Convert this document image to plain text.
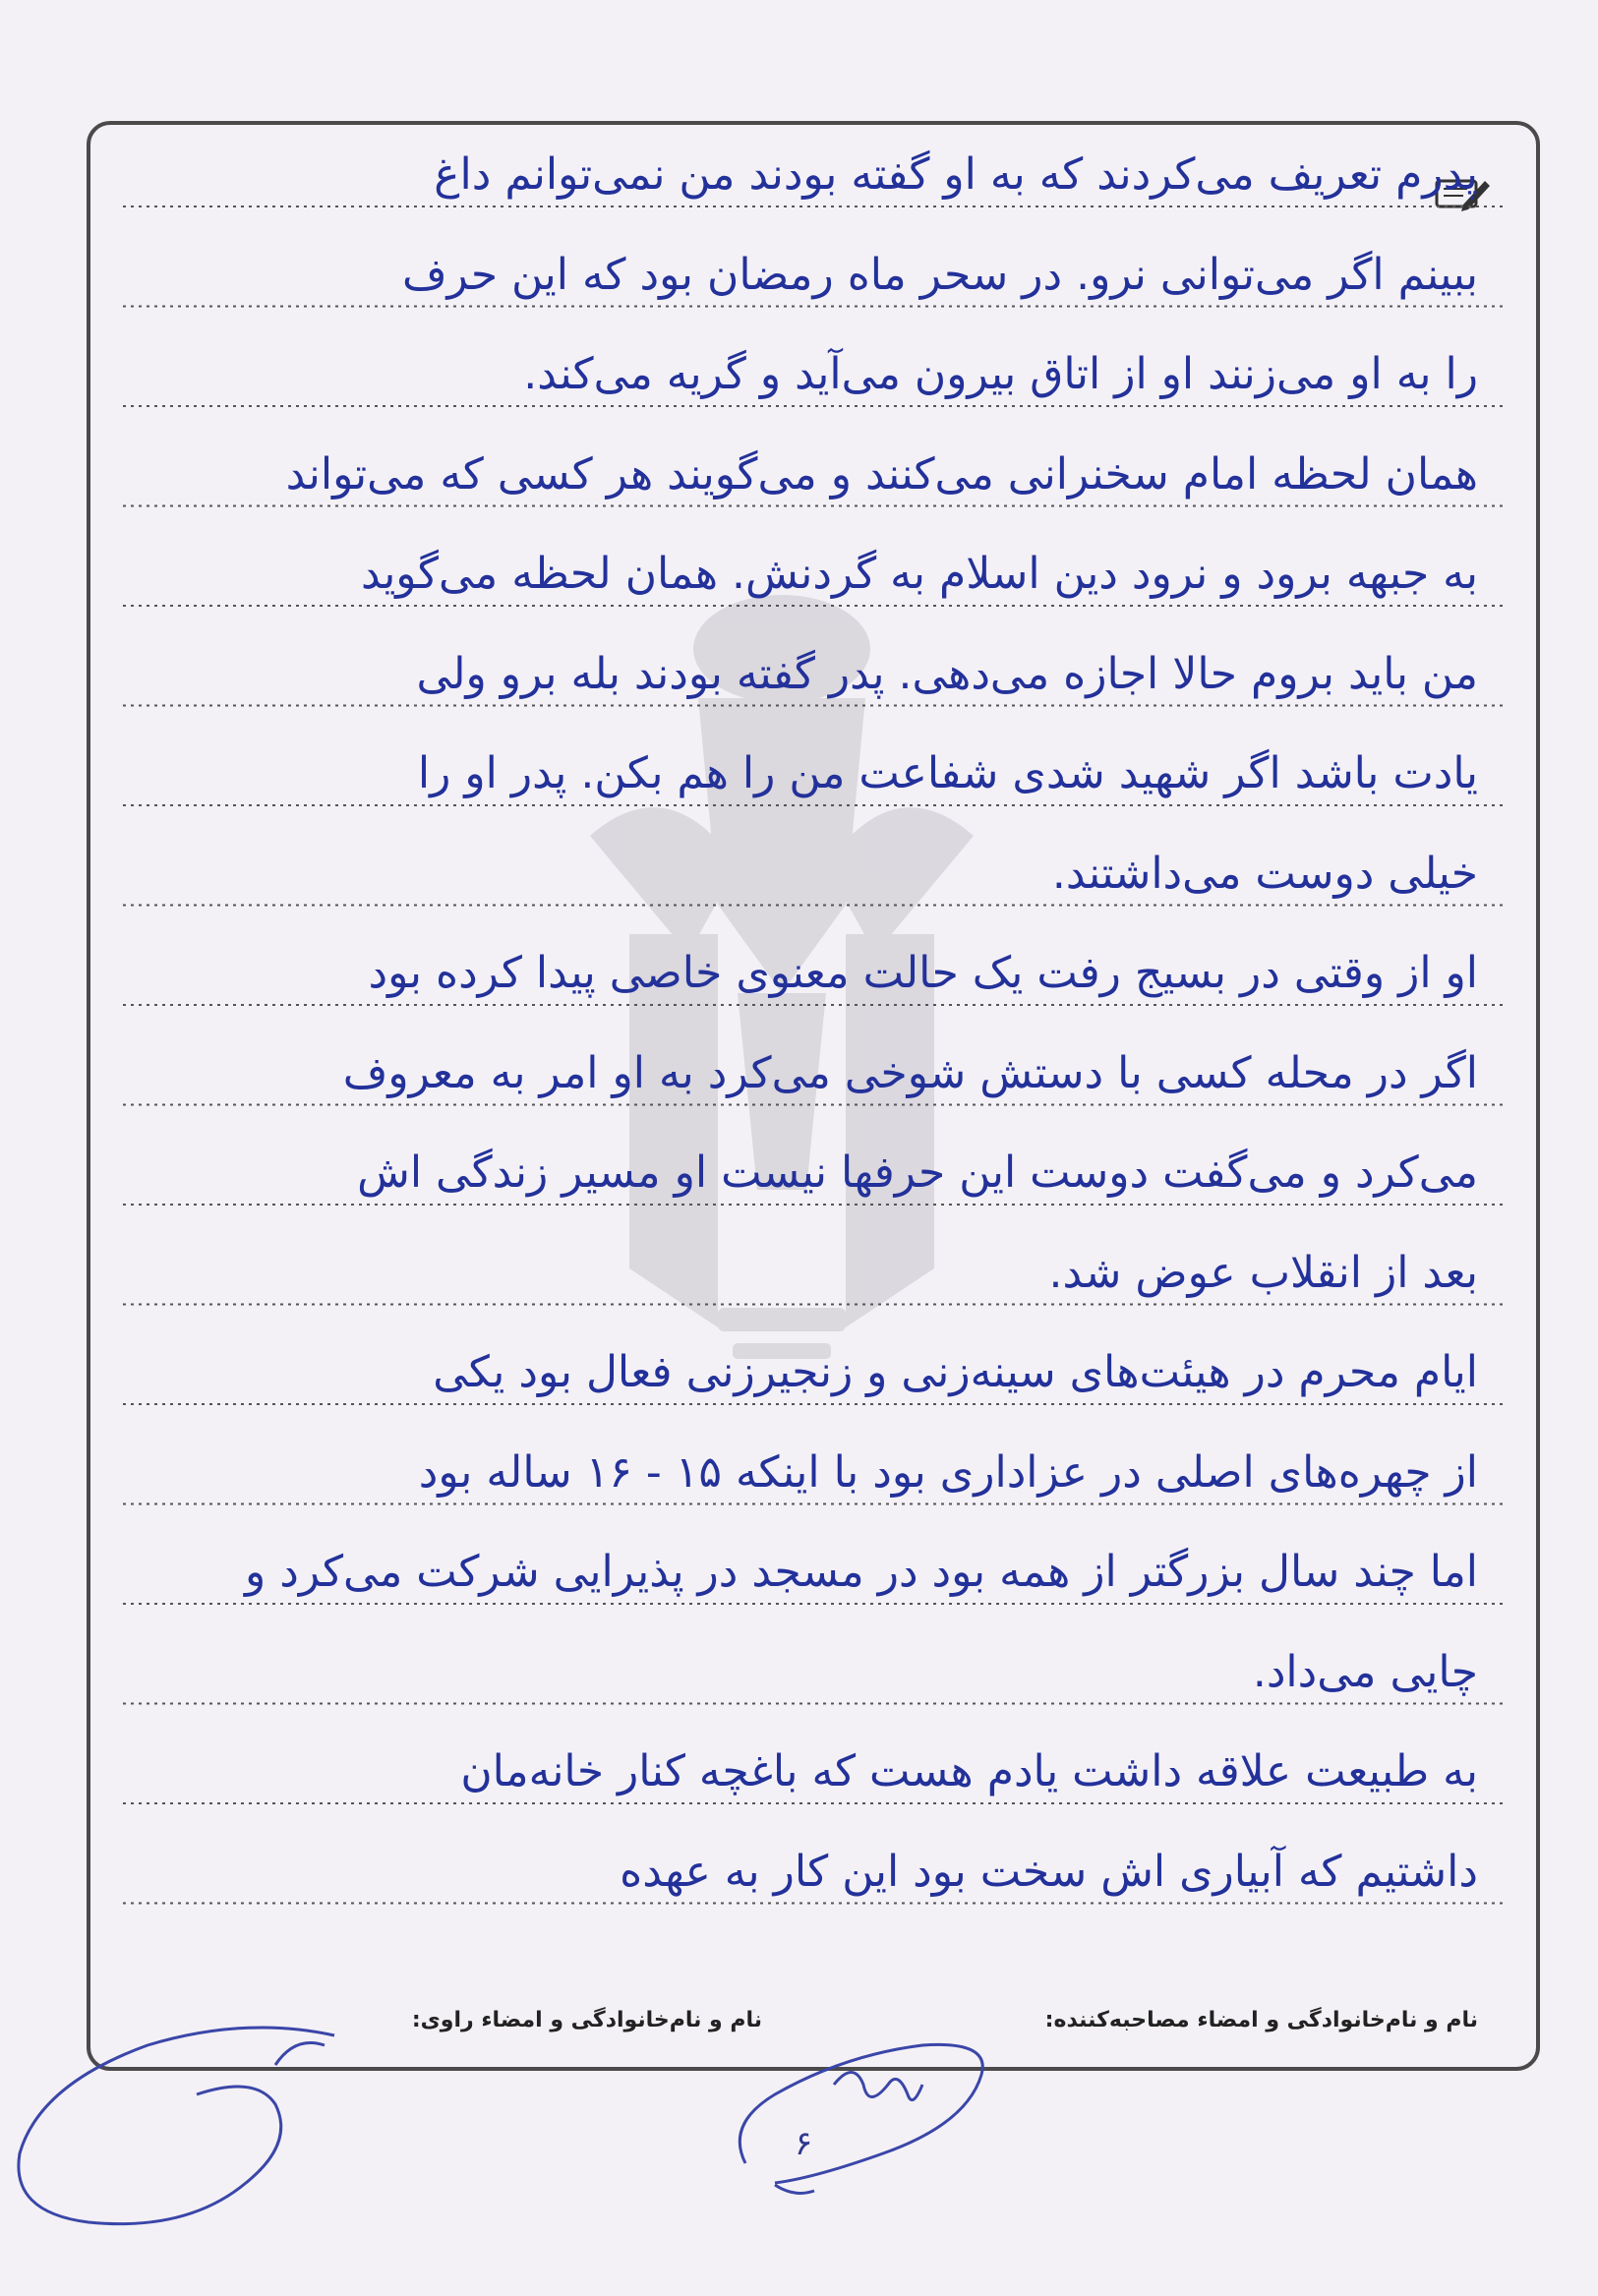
پدرم تعریف می‌کردند که به او گفته بودند من نمی‌توانم داغ
ببینم اگر می‌توانی نرو. در سحر ماه رمضان بود که این حرف
را به او می‌زنند او از اتاق بیرون می‌آید و گریه می‌کند.
همان لحظه امام سخنرانی می‌کنند و می‌گویند هر کسی که می‌تواند
به جبهه برود و نرود دین اسلام به گردنش. همان لحظه می‌گوید
من باید بروم حالا اجازه می‌دهی. پدر گفته بودند بله برو ولی
یادت باشد اگر شهید شدی شفاعت من را هم بکن. پدر او را
خیلی دوست می‌داشتند.
او از وقتی در بسیج رفت یک حالت معنوی خاصی پیدا کرده بود
اگر در محله کسی با دستش شوخی می‌کرد به او امر به معروف
می‌کرد و می‌گفت دوست این حرفها نیست او مسیر زندگی اش
بعد از انقلاب عوض شد.
ایام محرم در هیئت‌های سینه‌زنی و زنجیرزنی فعال بود یکی
از چهره‌های اصلی در عزاداری بود با اینکه ۱۵ - ۱۶ ساله بود
اما چند سال بزرگتر از همه بود در مسجد در پذیرایی شرکت می‌کرد و
چایی می‌داد.
به طبیعت علاقه داشت یادم هست که باغچه کنار خانه‌مان
داشتیم که آبیاری اش سخت بود این کار به عهده
نام و نام‌خانوادگی و امضاء مصاحبه‌کننده:
نام و نام‌خانوادگی و امضاء راوی:
۶
